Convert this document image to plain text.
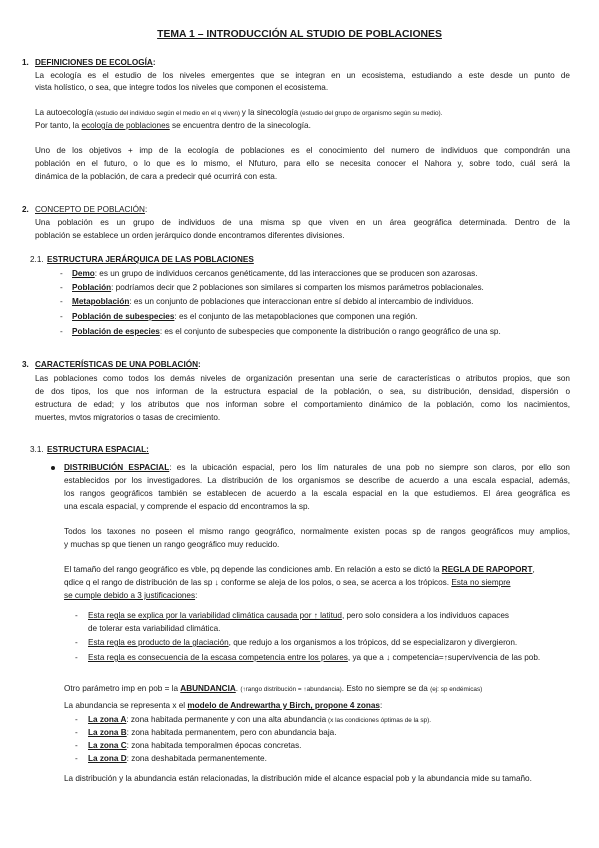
TEMA 1 – INTRODUCCIÓN AL STUDIO DE POBLACIONES
1. DEFINICIONES DE ECOLOGÍA:
La ecología es el estudio de los niveles emergentes que se integran en un ecosistema, estudiando a este desde un punto de
vista holístico, o sea, que integre todos los niveles que componen el ecosistema.
La autoecología (estudio del individuo según el medio en el q viven) y la sinecología (estudio del grupo de organismo según su medio).
Por tanto, la ecología de poblaciones se encuentra dentro de la sinecología.
Uno de los objetivos + imp de la ecología de poblaciones es el conocimiento del numero de individuos que compondrán una
población en el futuro, o lo que es lo mismo, el Nfuturo, para ello se necesita conocer el Nahora y, sobre todo, cuál será la
dinámica de la población, de cara a predecir qué ocurrirá con esta.
2. CONCEPTO DE POBLACIÓN:
Una población es un grupo de individuos de una misma sp que viven en un área geográfica determinada. Dentro de la
población se establece un orden jerárquico donde encontramos diferentes divisiones.
2.1. ESTRUCTURA JERÁRQUICA DE LAS POBLACIONES
- Demo: es un grupo de individuos cercanos genéticamente, dd las interacciones que se producen son azarosas.
- Población: podríamos decir que 2 poblaciones son similares si comparten los mismos parámetros poblacionales.
- Metapoblación: es un conjunto de poblaciones que interaccionan entre sí debido al intercambio de individuos.
- Población de subespecies: es el conjunto de las metapoblaciones que componen una región.
- Población de especies: es el conjunto de subespecies que componente la distribución o rango geográfico de una sp.
3. CARACTERÍSTICAS DE UNA POBLACIÓN:
Las poblaciones como todos los demás niveles de organización presentan una serie de características o atributos propios, que son
de dos tipos, los que nos informan de la estructura espacial de la población, o sea, su distribución, densidad, dispersión o
estructura de edad; y los atributos que nos informan sobre el comportamiento dinámico de la población, como los nacimientos,
muertes, mvtos migratorios o tasas de crecimiento.
3.1. ESTRUCTURA ESPACIAL:
DISTRIBUCIÓN ESPACIAL: es la ubicación espacial, pero los lím naturales de una pob no siempre son claros, por ello son
establecidos por los investigadores. La distribución de los organismos se describe de acuerdo a una escala espacial, además,
los rangos geográficos también se establecen de acuerdo a la escala espacial en la que estudiemos. El área geográfica es
una escala espacial, y comprende el espacio dd encontramos la sp.
Todos los taxones no poseen el mismo rango geográfico, normalmente existen pocas sp de rangos geográficos muy amplios,
y muchas sp que tienen un rango geográfico muy reducido.
El tamaño del rango geográfico es vble, pq depende las condiciones amb. En relación a esto se dictó la REGLA DE RAPOPORT,
qdice q el rango de distribución de las sp ↓ conforme se aleja de los polos, o sea, se acerca a los trópicos. Esta no siempre
se cumple debido a 3 justificaciones:
- Esta regla se explica por la variabilidad climática causada por ↑ latitud, pero solo considera a los individuos capaces
de tolerar esta variabilidad climática.
- Esta regla es producto de la glaciación, que redujo a los organismos a los trópicos, dd se especializaron y divergieron.
- Esta regla es consecuencia de la escasa competencia entre los polares, ya que a ↓ competencia=↑supervivencia de las pob.
Otro parámetro imp en pob = la ABUNDANCIA. (↑rango distribución = ↑abundancia). Esto no siempre se da (ej: sp endémicas)
La abundancia se representa x el modelo de Andrewartha y Birch, propone 4 zonas:
- La zona A: zona habitada permanente y con una alta abundancia (x las condiciones óptimas de la sp).
- La zona B: zona habitada permanentem, pero con abundancia baja.
- La zona C: zona habitada temporalmen épocas concretas.
- La zona D: zona deshabitada permanentemente.
La distribución y la abundancia están relacionadas, la distribución mide el alcance espacial pob y la abundancia mide su tamaño.
